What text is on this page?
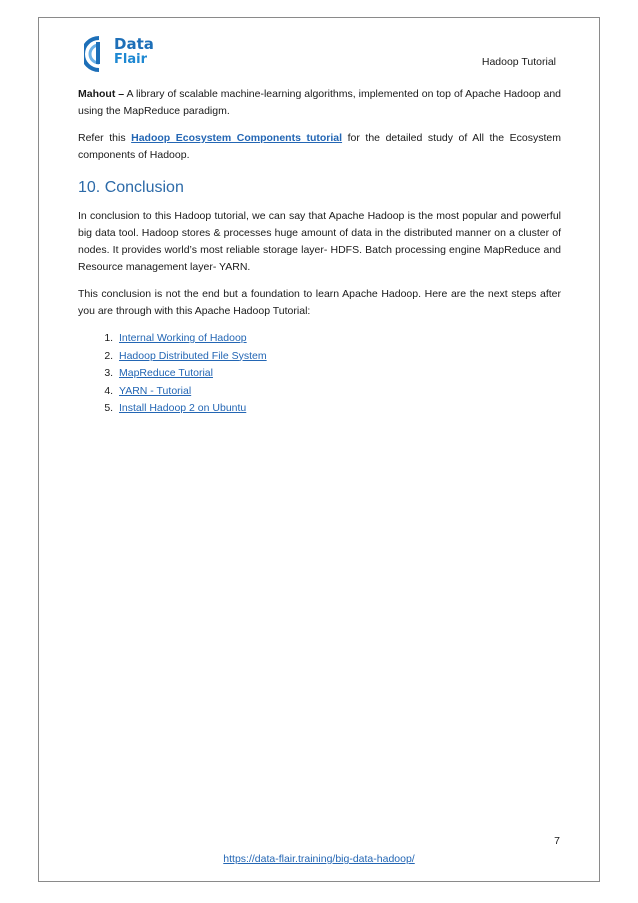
Data
Flair	Hadoop Tutorial

Mahout – A library of scalable machine-learning algorithms, implemented on top of Apache Hadoop and using the MapReduce paradigm.

Refer this Hadoop Ecosystem Components tutorial for the detailed study of All the Ecosystem components of Hadoop.

10. Conclusion

In conclusion to this Hadoop tutorial, we can say that Apache Hadoop is the most popular and powerful big data tool. Hadoop stores & processes huge amount of data in the distributed manner on a cluster of nodes. It provides world’s most reliable storage layer- HDFS. Batch processing engine MapReduce and Resource management layer- YARN.

This conclusion is not the end but a foundation to learn Apache Hadoop. Here are the next steps after you are through with this Apache Hadoop Tutorial:

1. Internal Working of Hadoop
2. Hadoop Distributed File System
3. MapReduce Tutorial
4. YARN - Tutorial
5. Install Hadoop 2 on Ubuntu
7
https://data-flair.training/big-data-hadoop/
